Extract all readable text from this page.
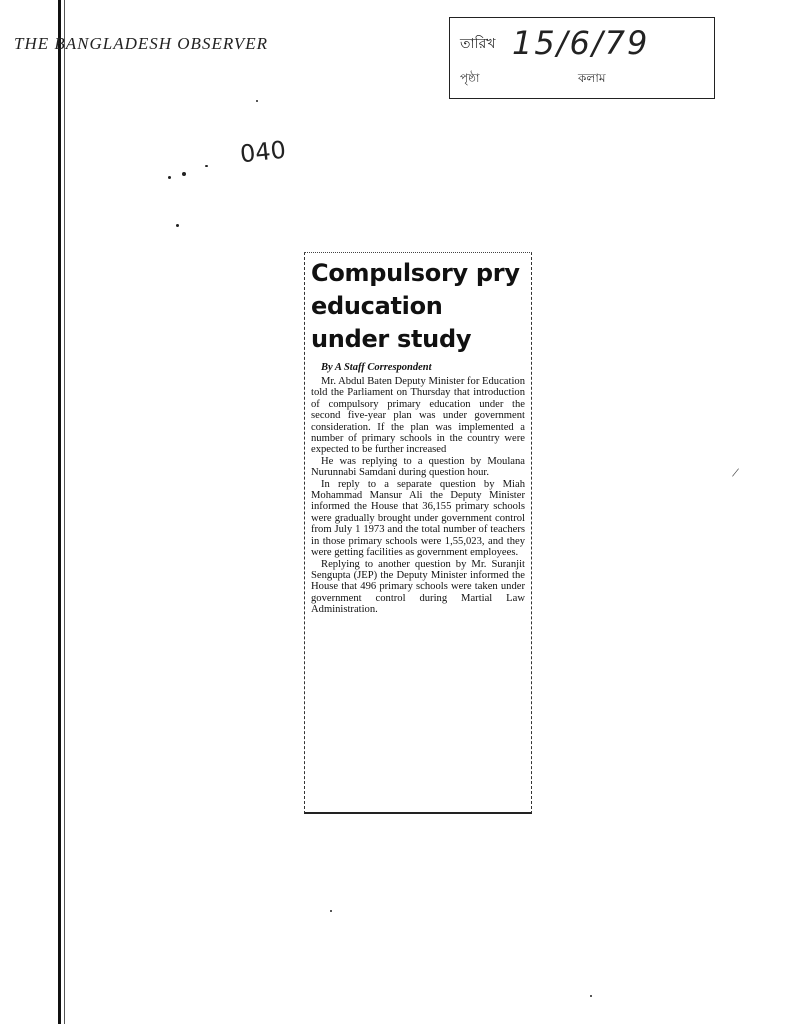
THE BANGLADESH OBSERVER	তারিখ 15/6/79
পৃষ্ঠা	কলাম
040
/
Compulsory pry education under study
By A Staff Correspondent

Mr. Abdul Baten Deputy Minister for Education told the Parliament on Thursday that introduction of compulsory primary education under the second five-year plan was under government consideration. If the plan was implemented a number of primary schools in the country were expected to be further increased

He was replying to a question by Moulana Nurunnabi Samdani during question hour.

In reply to a separate question by Miah Mohammad Mansur Ali the Deputy Minister informed the House that 36,155 primary schools were gradually brought under government control from July 1 1973 and the total number of teachers in those primary schools were 1,55,023, and they were getting facilities as government employees.

Replying to another question by Mr. Suranjit Sengupta (JEP) the Deputy Minister informed the House that 496 primary schools were taken under government control during Martial Law Administration.
